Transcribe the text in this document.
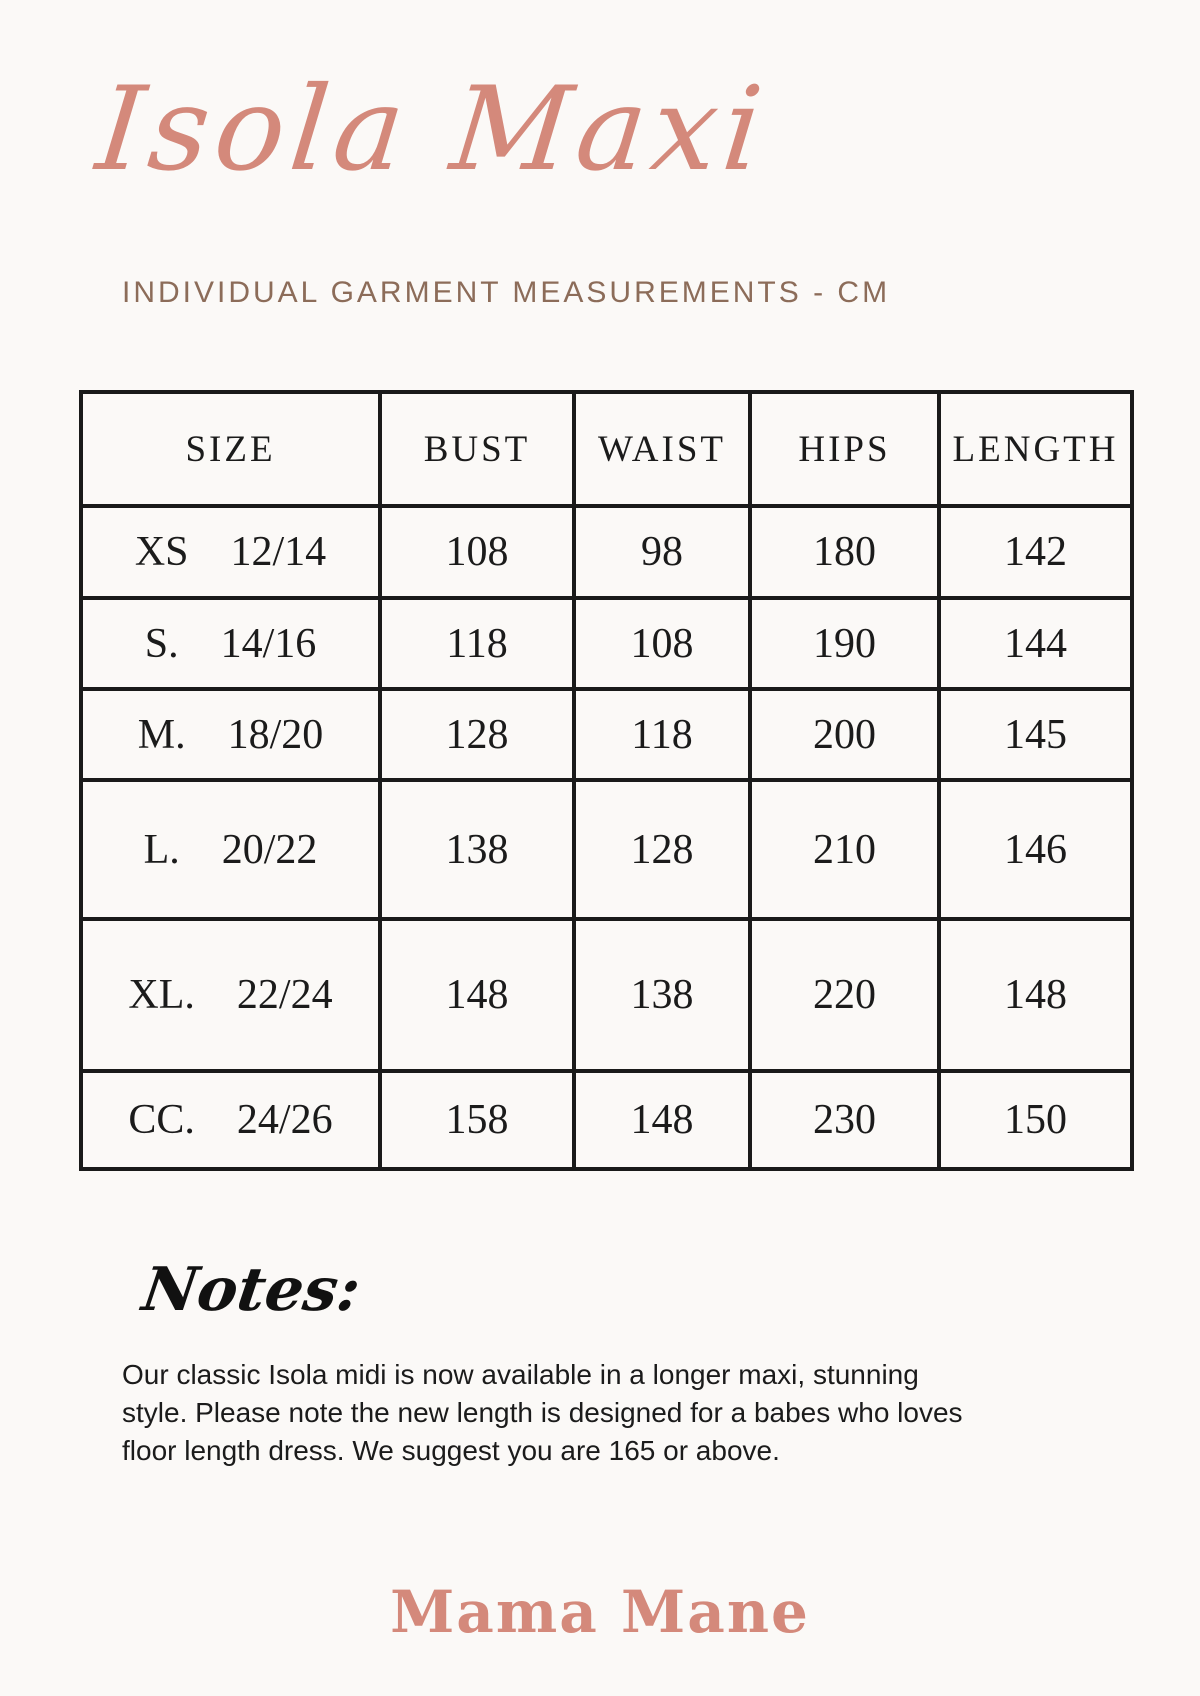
Isola Maxi
INDIVIDUAL GARMENT MEASUREMENTS - CM
SIZE	BUST	WAIST	HIPS	LENGTH

XS 12/14	108	98	180	142

S. 14/16	118	108	190	144

M. 18/20	128	118	200	145

L. 20/22	138	128	210	146

XL. 22/24	148	138	220	148

CC. 24/26	158	148	230	150
Notes:

Our classic Isola midi is now available in a longer maxi, stunning style. Please note the new length is designed for a babes who loves floor length dress. We suggest you are 165 or above.

Mama Mane
